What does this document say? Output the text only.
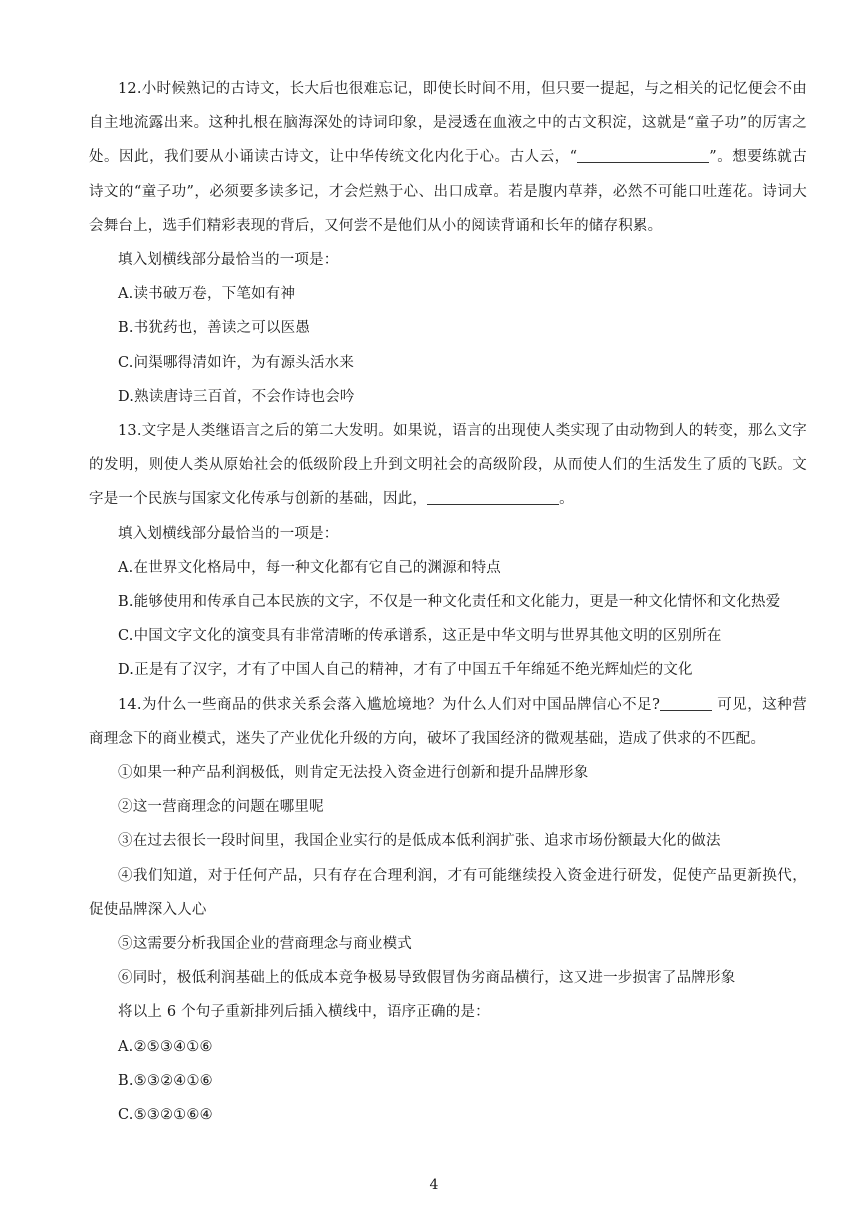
12.小时候熟记的古诗文，长大后也很难忘记，即使长时间不用，但只要一提起，与之相关的记忆便会不由自主地流露出来。这种扎根在脑海深处的诗词印象，是浸透在血液之中的古文积淀，这就是“童子功”的厉害之处。因此，我们要从小诵读古诗文，让中华传统文化内化于心。古人云，“	”。想要练就古诗文的“童子功”，必须要多读多记，才会烂熟于心、出口成章。若是腹内草莽，必然不可能口吐莲花。诗词大会舞台上，选手们精彩表现的背后，又何尝不是他们从小的阅读背诵和长年的储存积累。

填入划横线部分最恰当的一项是：

A.读书破万卷，下笔如有神

B.书犹药也，善读之可以医愚

C.问渠哪得清如许，为有源头活水来

D.熟读唐诗三百首，不会作诗也会吟

13.文字是人类继语言之后的第二大发明。如果说，语言的出现使人类实现了由动物到人的转变，那么文字的发明，则使人类从原始社会的低级阶段上升到文明社会的高级阶段，从而使人们的生活发生了质的飞跃。文字是一个民族与国家文化传承与创新的基础，因此，	。

填入划横线部分最恰当的一项是：

A.在世界文化格局中，每一种文化都有它自己的渊源和特点

B.能够使用和传承自己本民族的文字，不仅是一种文化责任和文化能力，更是一种文化情怀和文化热爱

C.中国文字文化的演变具有非常清晰的传承谱系，这正是中华文明与世界其他文明的区别所在

D.正是有了汉字，才有了中国人自己的精神，才有了中国五千年绵延不绝光辉灿烂的文化

14.为什么一些商品的供求关系会落入尴尬境地？为什么人们对中国品牌信心不足?	可见，这种营商理念下的商业模式，迷失了产业优化升级的方向，破坏了我国经济的微观基础，造成了供求的不匹配。

①如果一种产品利润极低，则肯定无法投入资金进行创新和提升品牌形象

②这一营商理念的问题在哪里呢

③在过去很长一段时间里，我国企业实行的是低成本低利润扩张、追求市场份额最大化的做法

④我们知道，对于任何产品，只有存在合理利润，才有可能继续投入资金进行研发，促使产品更新换代，促使品牌深入人心

⑤这需要分析我国企业的营商理念与商业模式

⑥同时，极低利润基础上的低成本竞争极易导致假冒伪劣商品横行，这又进一步损害了品牌形象

将以上 6 个句子重新排列后插入横线中，语序正确的是：

A.②⑤③④①⑥

B.⑤③②④①⑥

C.⑤③②①⑥④

4
